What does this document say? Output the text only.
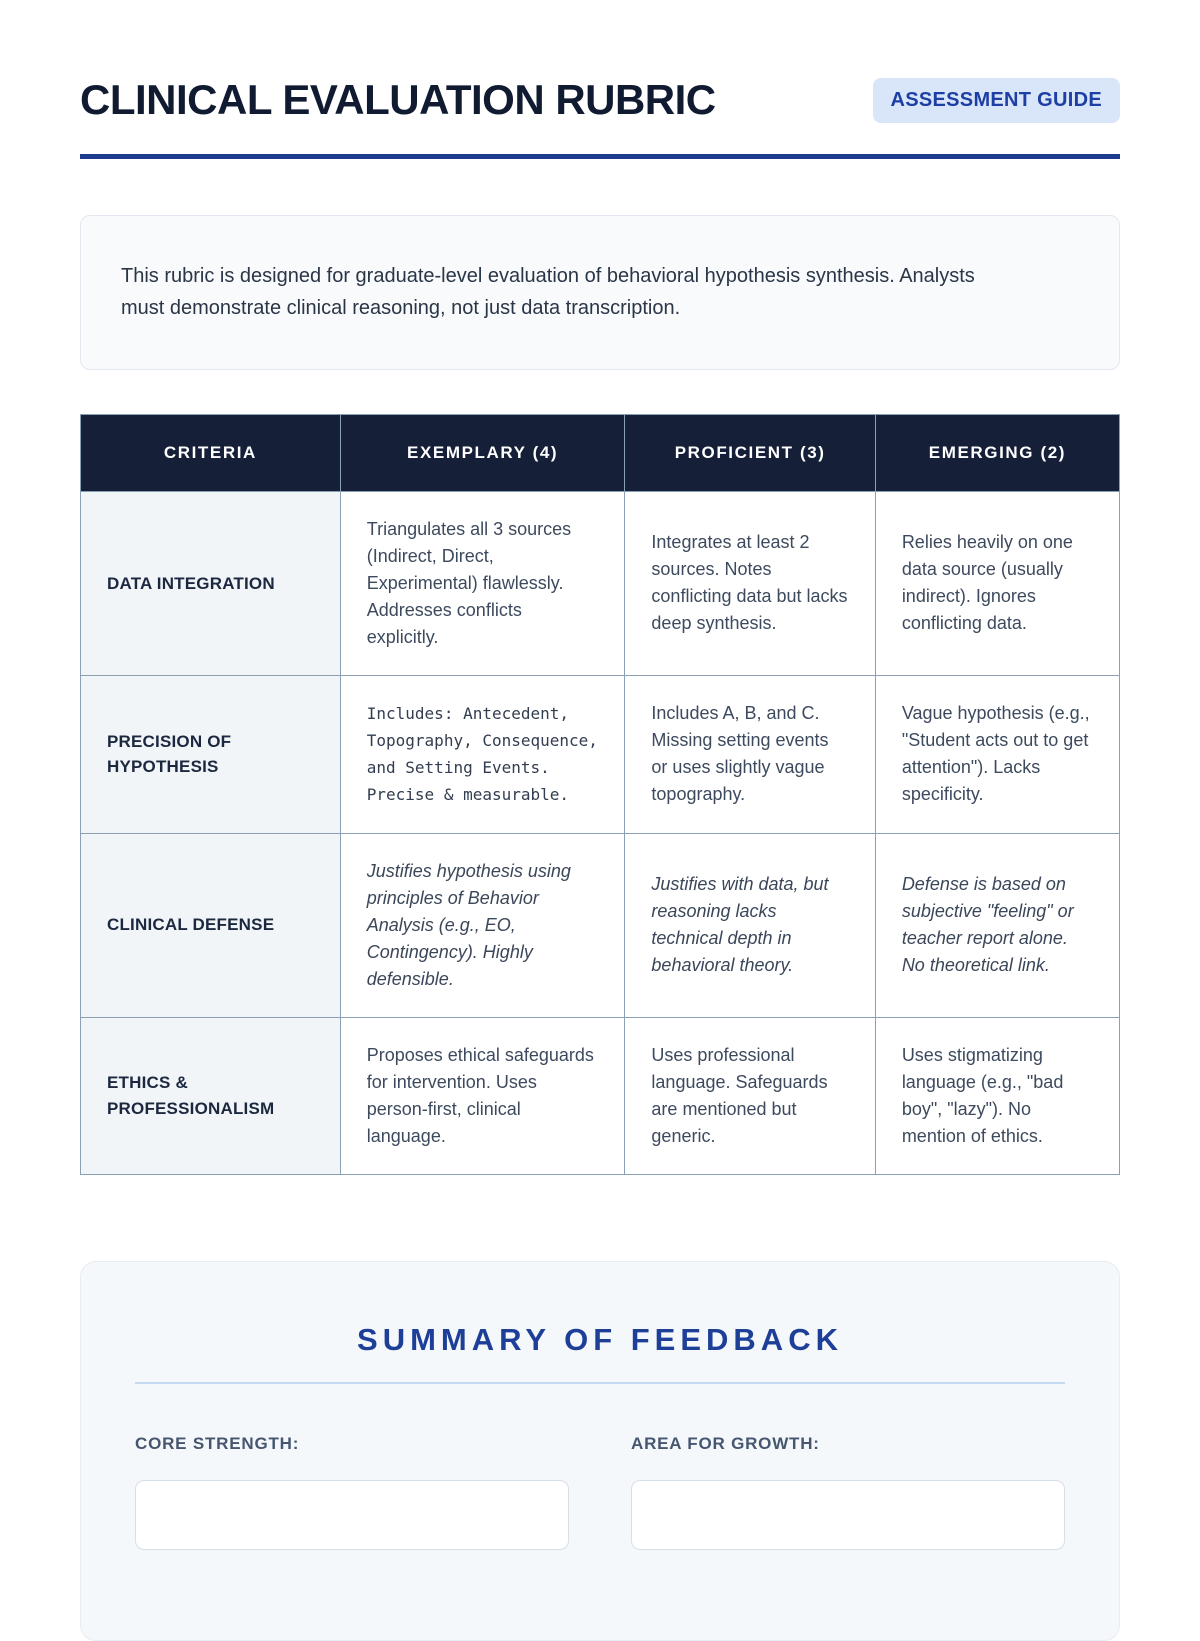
CLINICAL EVALUATION RUBRIC	ASSESSMENT GUIDE

This rubric is designed for graduate-level evaluation of behavioral hypothesis synthesis. Analysts must demonstrate clinical reasoning, not just data transcription.

CRITERIA	EXEMPLARY (4)	PROFICIENT (3)	EMERGING (2)
DATA INTEGRATION	Triangulates all 3 sources (Indirect, Direct, Experimental) flawlessly. Addresses conflicts explicitly.	Integrates at least 2 sources. Notes conflicting data but lacks deep synthesis.	Relies heavily on one data source (usually indirect). Ignores conflicting data.
PRECISION OF HYPOTHESIS	Includes: Antecedent, Topography, Consequence, and Setting Events. Precise & measurable.	Includes A, B, and C. Missing setting events or uses slightly vague topography.	Vague hypothesis (e.g., "Student acts out to get attention"). Lacks specificity.
CLINICAL DEFENSE	Justifies hypothesis using principles of Behavior Analysis (e.g., EO, Contingency). Highly defensible.	Justifies with data, but reasoning lacks technical depth in behavioral theory.	Defense is based on subjective "feeling" or teacher report alone. No theoretical link.
ETHICS & PROFESSIONALISM	Proposes ethical safeguards for intervention. Uses person-first, clinical language.	Uses professional language. Safeguards are mentioned but generic.	Uses stigmatizing language (e.g., "bad boy", "lazy"). No mention of ethics.
SUMMARY OF FEEDBACK
CORE STRENGTH:	AREA FOR GROWTH:
